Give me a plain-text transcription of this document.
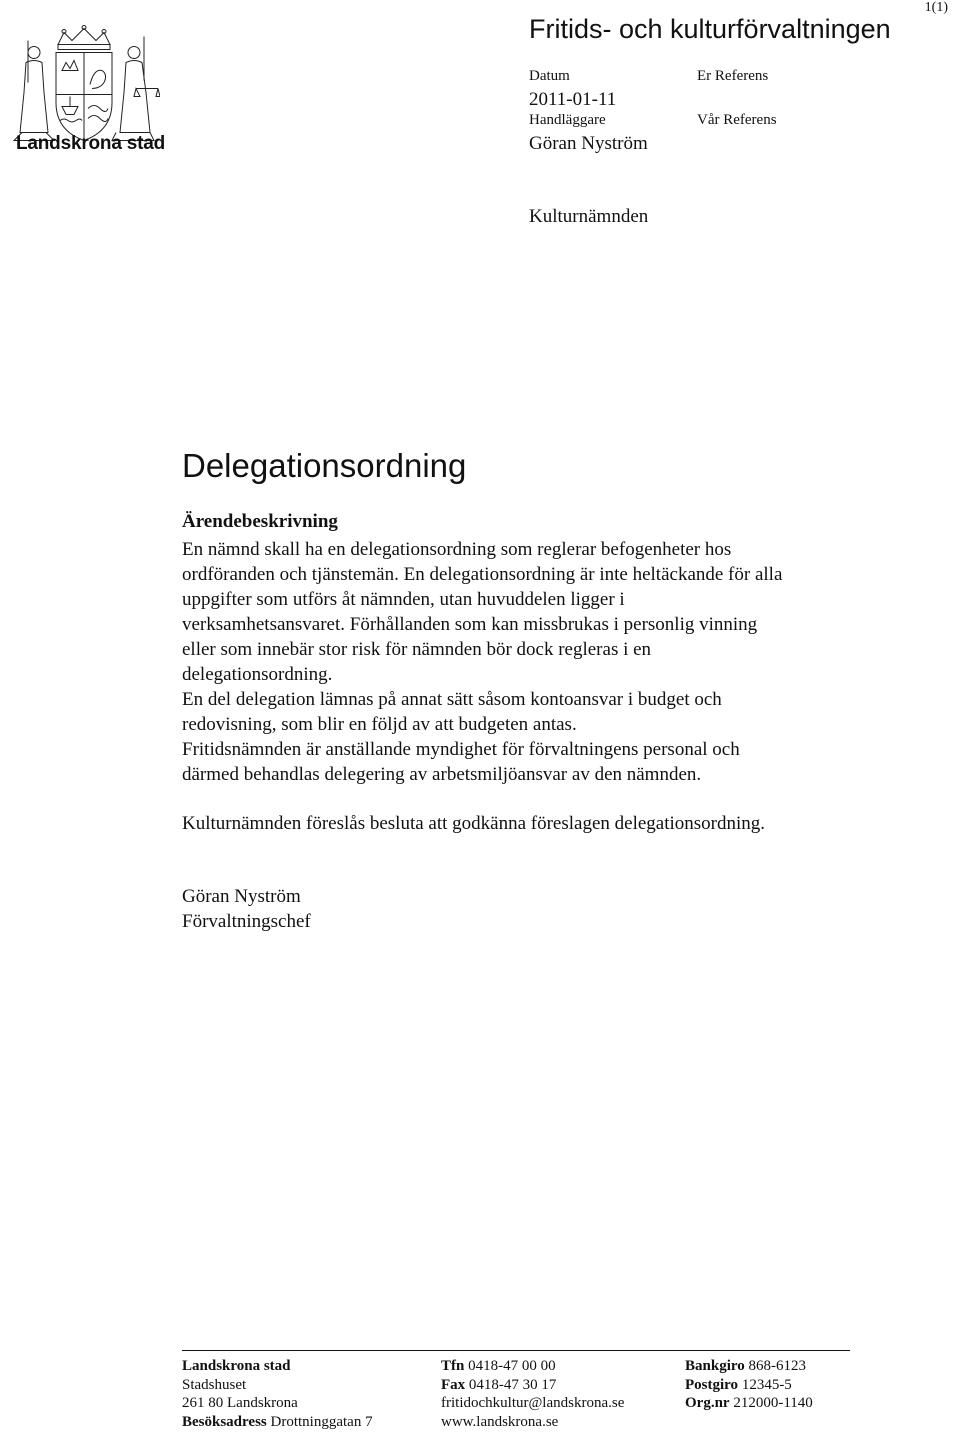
Landskrona stad
1(1)
Fritids- och kulturförvaltningen
Datum
2011-01-11
Handläggare
Göran Nyström
Er Referens
Vår Referens
Kulturnämnden
Delegationsordning
Ärendebeskrivning
En nämnd skall ha en delegationsordning som reglerar befogenheter hos
ordföranden och tjänstemän. En delegationsordning är inte heltäckande för alla
uppgifter som utförs åt nämnden, utan huvuddelen ligger i
verksamhetsansvaret. Förhållanden som kan missbrukas i personlig vinning
eller som innebär stor risk för nämnden bör dock regleras i en
delegationsordning.
En del delegation lämnas på annat sätt såsom kontoansvar i budget och
redovisning, som blir en följd av att budgeten antas.
Fritidsnämnden är anställande myndighet för förvaltningens personal och
därmed behandlas delegering av arbetsmiljöansvar av den nämnden.
Kulturnämnden föreslås besluta att godkänna föreslagen delegationsordning.
Göran Nyström
Förvaltningschef
Landskrona stad
Stadshuset
261 80 Landskrona
Besöksadress Drottninggatan 7
Tfn 0418-47 00 00
Fax 0418-47 30 17
fritidochkultur@landskrona.se
www.landskrona.se
Bankgiro 868-6123
Postgiro 12345-5
Org.nr 212000-1140
